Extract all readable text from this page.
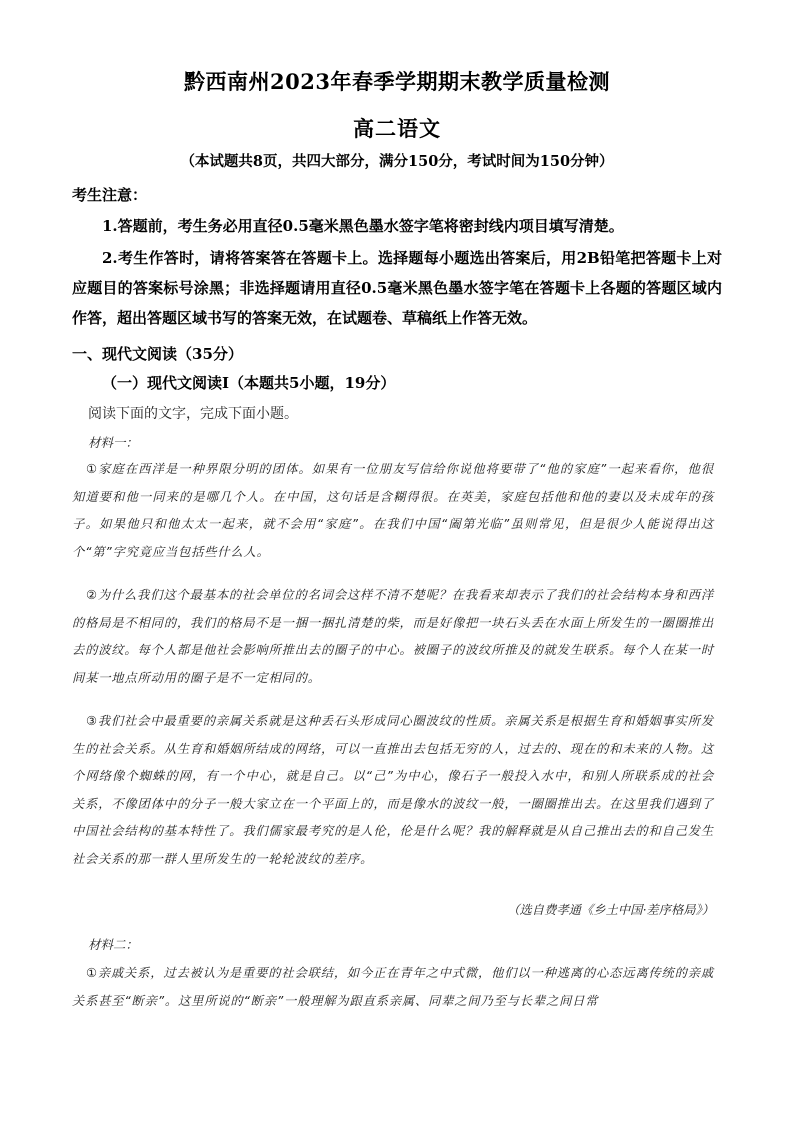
黔西南州2023年春季学期期末教学质量检测
高二语文
（本试题共8页，共四大部分，满分150分，考试时间为150分钟）
考生注意：
1.答题前，考生务必用直径0.5毫米黑色墨水签字笔将密封线内项目填写清楚。
2.考生作答时，请将答案答在答题卡上。选择题每小题选出答案后，用2B铅笔把答题卡上对应题目的答案标号涂黑；非选择题请用直径0.5毫米黑色墨水签字笔在答题卡上各题的答题区域内作答，超出答题区域书写的答案无效，在试题卷、草稿纸上作答无效。
一、现代文阅读（35分）
（一）现代文阅读Ⅰ（本题共5小题，19分）
阅读下面的文字，完成下面小题。
材料一：
①家庭在西洋是一种界限分明的团体。如果有一位朋友写信给你说他将要带了“他的家庭”一起来看你，他很知道要和他一同来的是哪几个人。在中国，这句话是含糊得很。在英美，家庭包括他和他的妻以及未成年的孩子。如果他只和他太太一起来，就不会用“家庭”。在我们中国“阖第光临”虽则常见，但是很少人能说得出这个“第”字究竟应当包括些什么人。
②为什么我们这个最基本的社会单位的名词会这样不清不楚呢？在我看来却表示了我们的社会结构本身和西洋的格局是不相同的，我们的格局不是一捆一捆扎清楚的柴，而是好像把一块石头丢在水面上所发生的一圈圈推出去的波纹。每个人都是他社会影响所推出去的圈子的中心。被圈子的波纹所推及的就发生联系。每个人在某一时间某一地点所动用的圈子是不一定相同的。
③我们社会中最重要的亲属关系就是这种丢石头形成同心圈波纹的性质。亲属关系是根据生育和婚姻事实所发生的社会关系。从生育和婚姻所结成的网络，可以一直推出去包括无穷的人，过去的、现在的和未来的人物。这个网络像个蜘蛛的网，有一个中心，就是自己。以“己”为中心，像石子一般投入水中，和别人所联系成的社会关系，不像团体中的分子一般大家立在一个平面上的，而是像水的波纹一般，一圈圈推出去。在这里我们遇到了中国社会结构的基本特性了。我们儒家最考究的是人伦，伦是什么呢？我的解释就是从自己推出去的和自己发生社会关系的那一群人里所发生的一轮轮波纹的差序。
（选自费孝通《乡土中国·差序格局》）
材料二：
①亲戚关系，过去被认为是重要的社会联结，如今正在青年之中式微，他们以一种逃离的心态远离传统的亲戚关系甚至“断亲”。这里所说的“断亲”一般理解为跟直系亲属、同辈之间乃至与长辈之间日常
